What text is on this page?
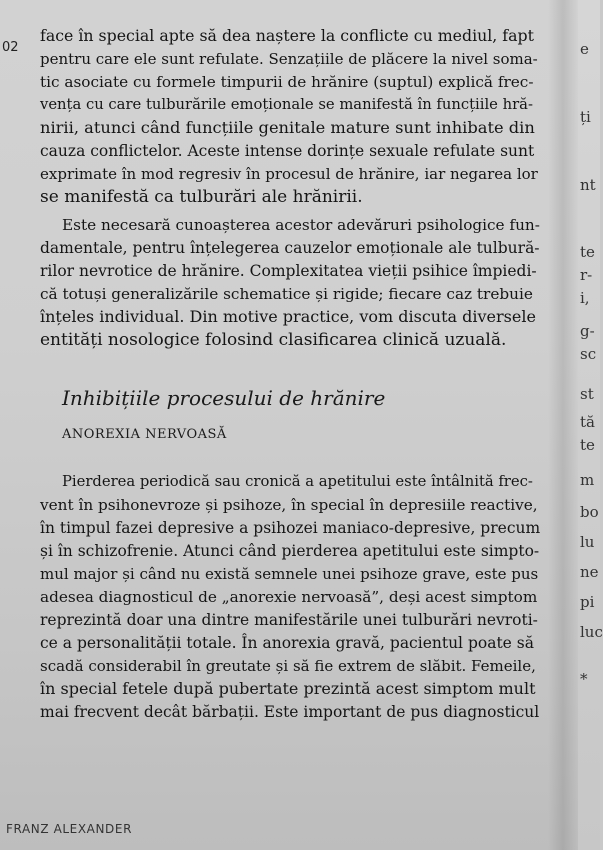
02
face în special apte să dea naștere la conflicte cu mediul, fapt
pentru care ele sunt refulate. Senzațiile de plăcere la nivel soma-
tic asociate cu formele timpurii de hrănire (suptul) explică frec-
vența cu care tulburările emoționale se manifestă în funcțiile hră-
nirii, atunci când funcțiile genitale mature sunt inhibate din
cauza conflictelor. Aceste intense dorințe sexuale refulate sunt
exprimate în mod regresiv în procesul de hrănire, iar negarea lor
se manifestă ca tulburări ale hrănirii.
Este necesară cunoașterea acestor adevăruri psihologice fun-
damentale, pentru înțelegerea cauzelor emoționale ale tulbură-
rilor nevrotice de hrănire. Complexitatea vieții psihice împiedi-
că totuși generalizările schematice și rigide; fiecare caz trebuie
înțeles individual. Din motive practice, vom discuta diversele
entități nosologice folosind clasificarea clinică uzuală.
Inhibițiile procesului de hrănire
ANOREXIA NERVOASĂ
Pierderea periodică sau cronică a apetitului este întâlnită frec-
vent în psihonevroze și psihoze, în special în depresiile reactive,
în timpul fazei depresive a psihozei maniaco-depresive, precum
și în schizofrenie. Atunci când pierderea apetitului este simpto-
mul major și când nu există semnele unei psihoze grave, este pus
adesea diagnosticul de „anorexie nervoasă”, deși acest simptom
reprezintă doar una dintre manifestările unei tulburări nevroti-
ce a personalității totale. În anorexia gravă, pacientul poate să
scadă considerabil în greutate și să fie extrem de slăbit. Femeile,
în special fetele după pubertate prezintă acest simptom mult
mai frecvent decât bărbații. Este important de pus diagnosticul
FRANZ ALEXANDER
e
ți
nt
te
r-
i,
g-
sc
st
tă
te
m
bo
lu
ne
pi
luc
*
